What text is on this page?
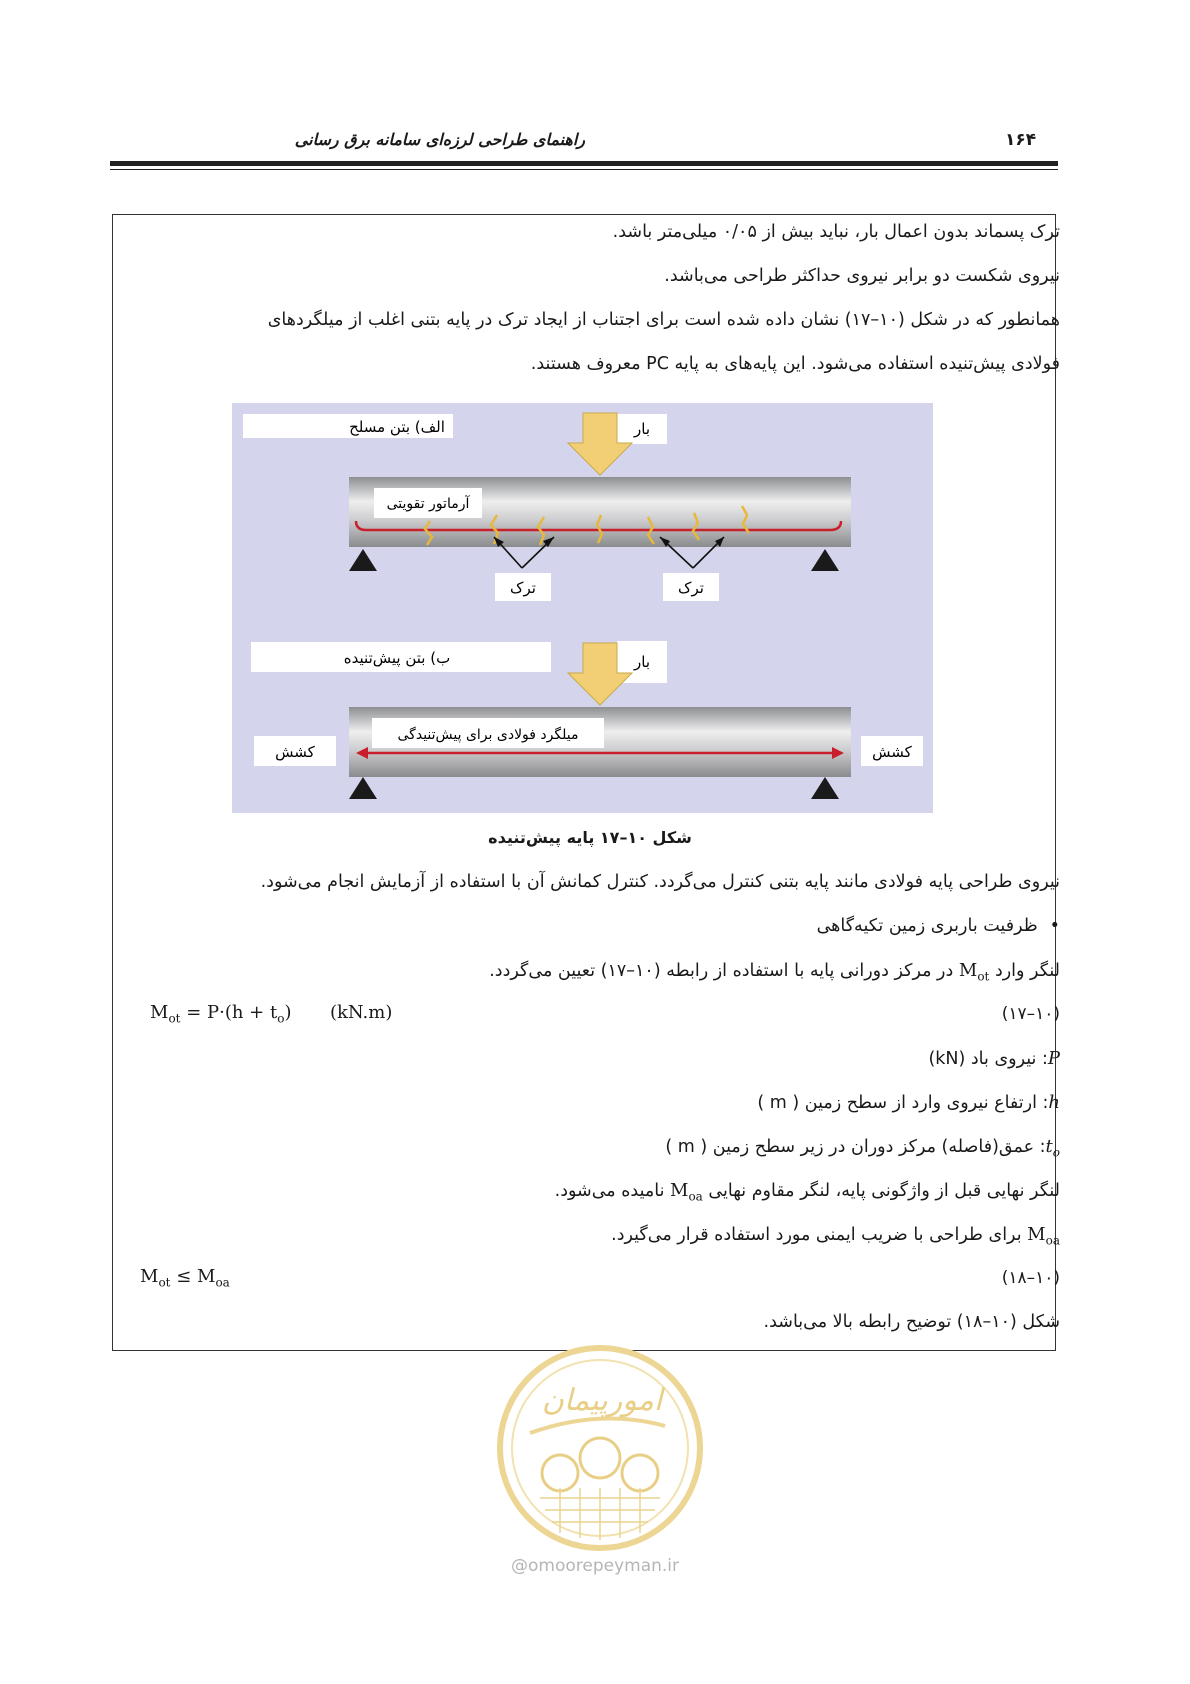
راهنمای طراحی لرزه‌ای سامانه برق رسانی	۱۶۴
ترک پسماند بدون اعمال بار، نباید بیش از ۰/۰۵ میلی‌متر باشد.
نیروی شکست دو برابر نیروی حداکثر طراحی می‌باشد.
همانطور که در شکل (۱۰–۱۷) نشان داده شده است برای اجتناب از ایجاد ترک در پایه بتنی اغلب از میلگردهای
فولادی پیش‌تنیده استفاده می‌شود. این پایه‌های به پایه PC معروف هستند.
الف) بتن مسلح	بار
آرماتور تقویتی
ترک	ترک
ب) بتن پیش‌تنیده	بار
میلگرد فولادی برای پیش‌تنیدگی
کشش	کشش
شکل ۱۰–۱۷ پایه پیش‌تنیده
نیروی طراحی پایه فولادی مانند پایه بتنی کنترل می‌گردد. کنترل کمانش آن با استفاده از آزمایش انجام می‌شود.
•ظرفیت باربری زمین تکیه‌گاهی
لنگر وارد $M_{ot}$ در مرکز دورانی پایه با استفاده از رابطه (۱۰–۱۷) تعیین می‌گردد.
$M_{ot} = P\cdot(h + t_o)$ (kN.m)	(۱۰–۱۷)
P: نیروی باد (kN)
h: ارتفاع نیروی وارد از سطح زمین ( m )
$t_o$: عمق(فاصله) مرکز دوران در زیر سطح زمین ( m )
لنگر نهایی قبل از واژگونی پایه، لنگر مقاوم نهایی $M_{oa}$ نامیده می‌شود.
$M_{oa}$ برای طراحی با ضریب ایمنی مورد استفاده قرار می‌گیرد.
$M_{ot} \le M_{oa}$	(۱۰–۱۸)
شکل (۱۰–۱۸) توضیح رابطه بالا می‌باشد.
امورپیمان
@omoorepeyman.ir
